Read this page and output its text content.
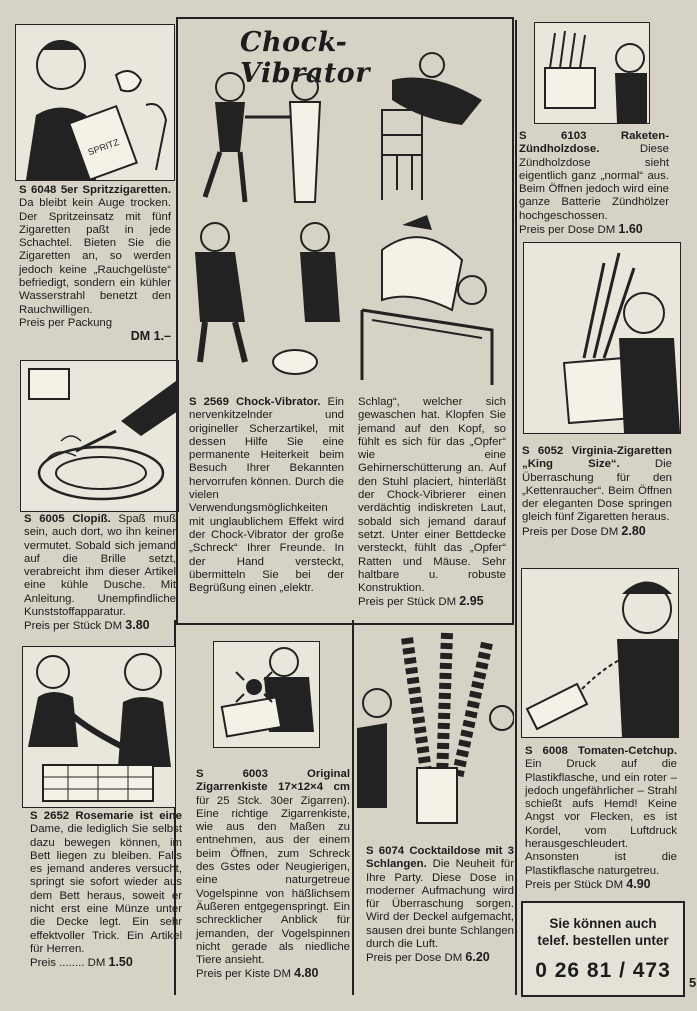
SPRITZ
S 6048 5er Spritzzigaretten. Da bleibt kein Auge trocken. Der Spritzeinsatz mit fünf Zigaretten paßt in jede Schachtel. Bieten Sie die Zigaretten an, so werden jedoch keine „Rauchgelüste“ befriedigt, sondern ein kühler Wasserstrahl benetzt den Rauchwilligen.
Preis per Packung

DM 1.–
S 6005 Clopiß. Spaß muß sein, auch dort, wo ihn keiner vermutet. Sobald sich jemand auf die Brille setzt, verabreicht ihm dieser Artikel eine kühle Dusche. Mit Anleitung. Unempfindliche Kunststoffapparatur.
Preis per Stück DM 3.80
S 2652 Rosemarie ist eine Dame, die lediglich Sie selbst dazu bewegen können, im Bett liegen zu bleiben. Falls es jemand anderes versucht, springt sie sofort wieder aus dem Bett heraus, soweit er nicht erst eine Münze unter die Decke legt. Ein sehr effektvoller Trick. Ein Artikel für Herren.
Preis ........ DM 1.50
Chock-Vibrator
S 2569 Chock-Vibrator. Ein nervenkitzelnder und origineller Scherzartikel, mit dessen Hilfe Sie eine permanente Heiterkeit beim Besuch Ihrer Bekannten hervorrufen können. Durch die vielen Verwendungsmöglichkeiten mit unglaublichem Effekt wird der Chock-Vibrator der große „Schreck“ Ihrer Freunde. In der Hand versteckt, übermitteln Sie bei der Begrüßung einen „elektr.
Schlag“, welcher sich gewaschen hat. Klopfen Sie jemand auf den Kopf, so fühlt es sich für das „Opfer“ wie eine Gehirnerschütterung an. Auf den Stuhl placiert, hinterläßt der Chock-Vibrierer einen verdächtig indiskreten Laut, sobald sich jemand darauf setzt. Unter einer Bettdecke versteckt, fühlt das „Opfer“ Ratten und Mäuse. Sehr haltbare u. robuste Konstruktion.
Preis per Stück DM 2.95
S 6003	Original Zigarrenkiste 17×12×4 cm für 25 Stck. 30er Zigarren). Eine richtige Zigarrenkiste, wie aus den Maßen zu entnehmen, aus der einem beim Öffnen, zum Schreck des Gstes oder Neugierigen, eine naturgetreue Vogelspinne von häßlichsem Äußeren entgegenspringt. Ein schrecklicher Anblick für jemanden, der Vogelspinnen nicht gerade als niedliche Tiere ansieht.
Preis per Kiste DM 4.80
S 6074 Cocktaildose mit 3 Schlangen. Die Neuheit für Ihre Party. Diese Dose in moderner Aufmachung wird für Überraschung sorgen. Wird der Deckel aufgemacht, sausen drei bunte Schlangen durch die Luft.
Preis per Dose DM 6.20
S 6103	Raketen-Zündholzdose.	Diese Zündholzdose sieht eigentlich ganz „normal“ aus. Beim Öffnen jedoch wird eine ganze Batterie Zündhölzer hochgeschossen.
Preis per Dose DM 1.60
S 6052 Virginia-Zigaretten „King Size“.	Die Überraschung für den „Kettenraucher“. Beim Öffnen der eleganten Dose springen gleich fünf Zigaretten heraus.
Preis per Dose DM 2.80
S 6008 Tomaten-Cetchup. Ein Druck auf die Plastikflasche, und ein roter – jedoch ungefährlicher – Strahl schießt aufs Hemd! Keine Angst vor Flecken, es ist Kordel, vom Luftdruck herausgeschleudert. Ansonsten ist die Plastikflasche naturgetreu.
Preis per Stück DM 4.90
Sie können auch
telef. bestellen unter
0 26 81 / 473
5
